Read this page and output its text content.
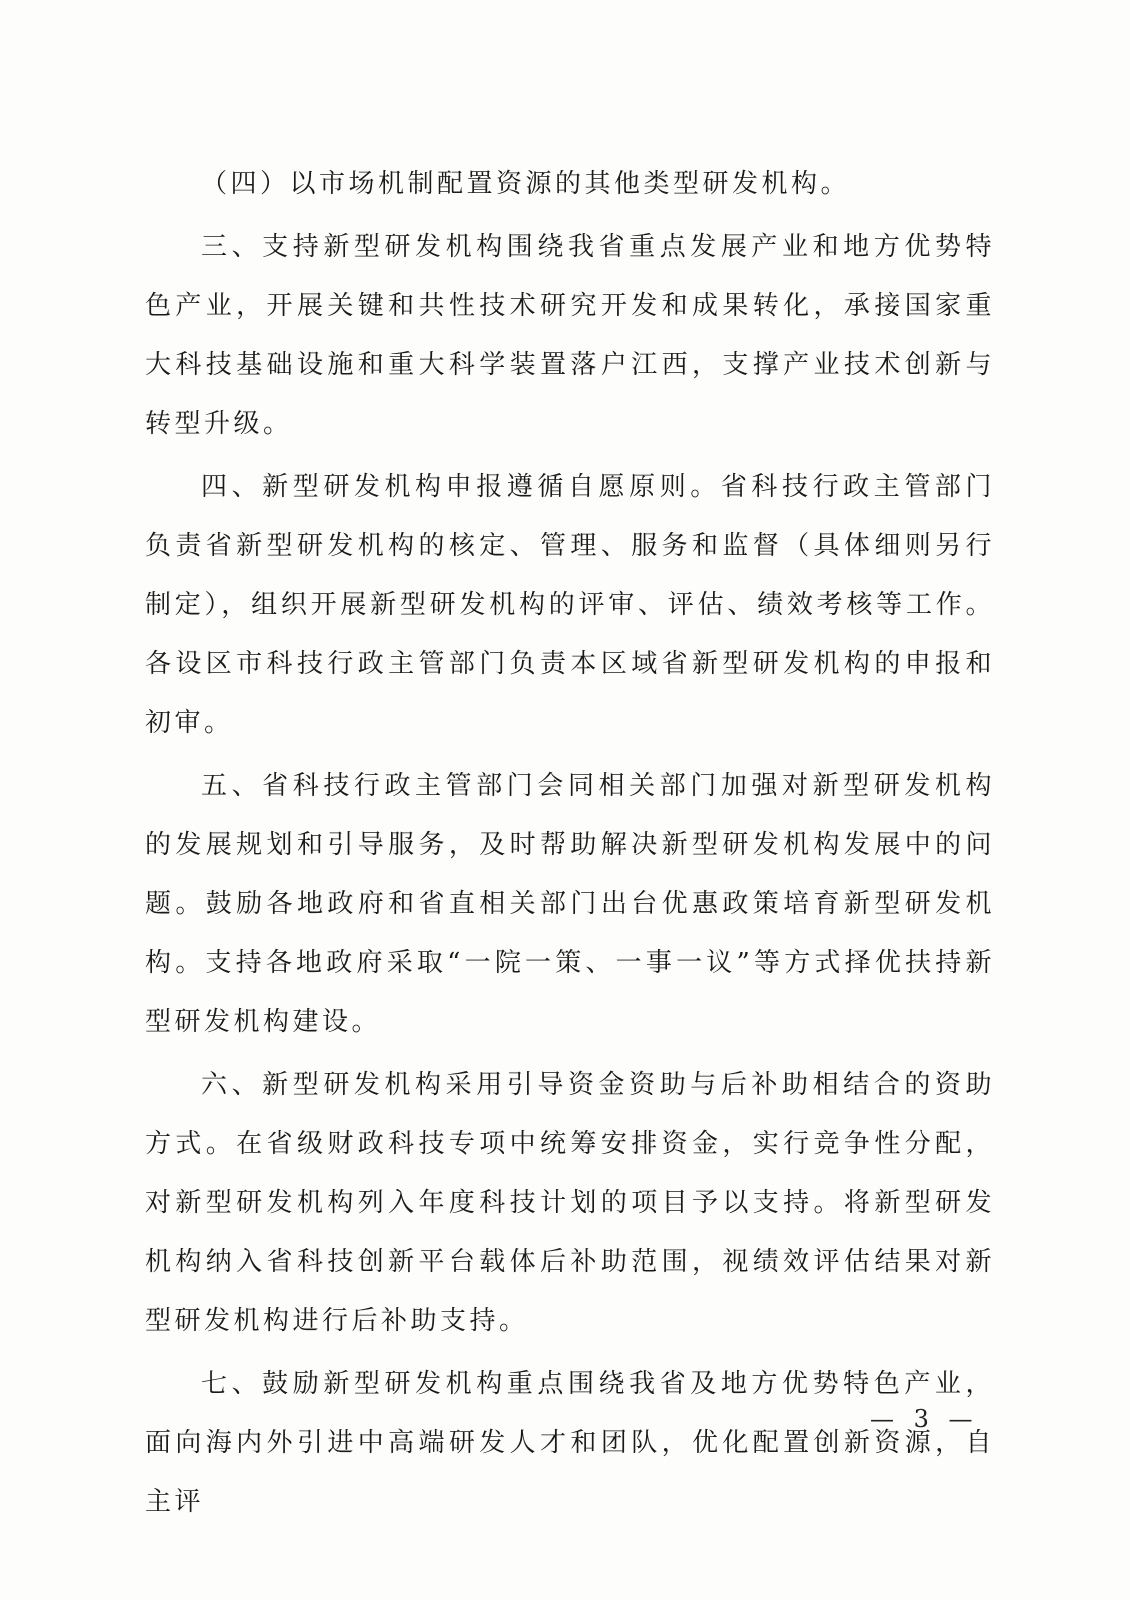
（四）以市场机制配置资源的其他类型研发机构。

三、支持新型研发机构围绕我省重点发展产业和地方优势特色产业，开展关键和共性技术研究开发和成果转化，承接国家重大科技基础设施和重大科学装置落户江西，支撑产业技术创新与转型升级。

四、新型研发机构申报遵循自愿原则。省科技行政主管部门负责省新型研发机构的核定、管理、服务和监督（具体细则另行制定），组织开展新型研发机构的评审、评估、绩效考核等工作。各设区市科技行政主管部门负责本区域省新型研发机构的申报和初审。

五、省科技行政主管部门会同相关部门加强对新型研发机构的发展规划和引导服务，及时帮助解决新型研发机构发展中的问题。鼓励各地政府和省直相关部门出台优惠政策培育新型研发机构。支持各地政府采取“一院一策、一事一议”等方式择优扶持新型研发机构建设。

六、新型研发机构采用引导资金资助与后补助相结合的资助方式。在省级财政科技专项中统筹安排资金，实行竞争性分配，对新型研发机构列入年度科技计划的项目予以支持。将新型研发机构纳入省科技创新平台载体后补助范围，视绩效评估结果对新型研发机构进行后补助支持。

七、鼓励新型研发机构重点围绕我省及地方优势特色产业，面向海内外引进中高端研发人才和团队，优化配置创新资源，自主评

— 3 —
